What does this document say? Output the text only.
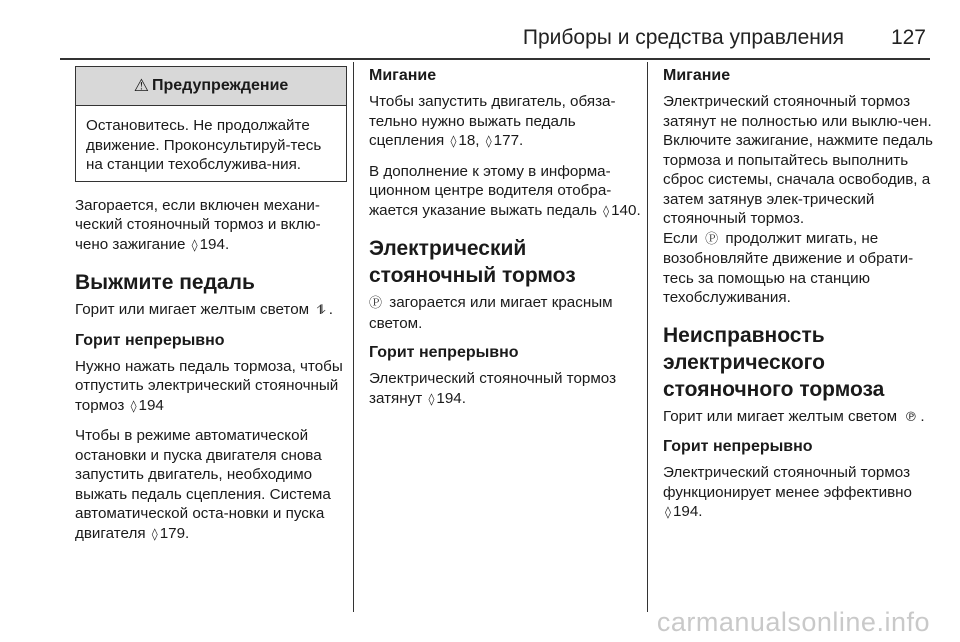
Приборы и средства управления 127
⚠ Предупреждение

Остановитесь. Не продолжайте движение. Проконсультируй-тесь на станции техобслужива-ния.

Загорается, если включен механи-ческий стояночный тормоз и вклю-чено зажигание ◊ 194.

Выжмите педаль

Горит или мигает желтым светом ⥮ .

Горит непрерывно

Нужно нажать педаль тормоза, чтобы отпустить электрический стояночный тормоз ◊ 194

Чтобы в режиме автоматической остановки и пуска двигателя снова запустить двигатель, необходимо выжать педаль сцепления. Система автоматической оста-новки и пуска двигателя ◊ 179.

Мигание

Чтобы запустить двигатель, обяза-тельно нужно выжать педаль сцепления ◊ 18, ◊ 177.

В дополнение к этому в информа-ционном центре водителя отобра-жается указание выжать педаль ◊ 140.

Электрический стояночный тормоз

Ⓟ загорается или мигает красным светом.

Горит непрерывно

Электрический стояночный тормоз затянут ◊ 194.

Мигание

Электрический стояночный тормоз затянут не полностью или выклю-чен. Включите зажигание, нажмите педаль тормоза и попытайтесь выполнить сброс системы, сначала освободив, а затем затянув элек-трический стояночный тормоз.

Если Ⓟ продолжит мигать, не возобновляйте движение и обрати-тесь за помощью на станцию техобслуживания.

Неисправность электрического стояночного тормоза

Горит или мигает желтым светом ℗ .

Горит непрерывно

Электрический стояночный тормоз функционирует менее эффективно ◊ 194.

carmanualsonline.info
